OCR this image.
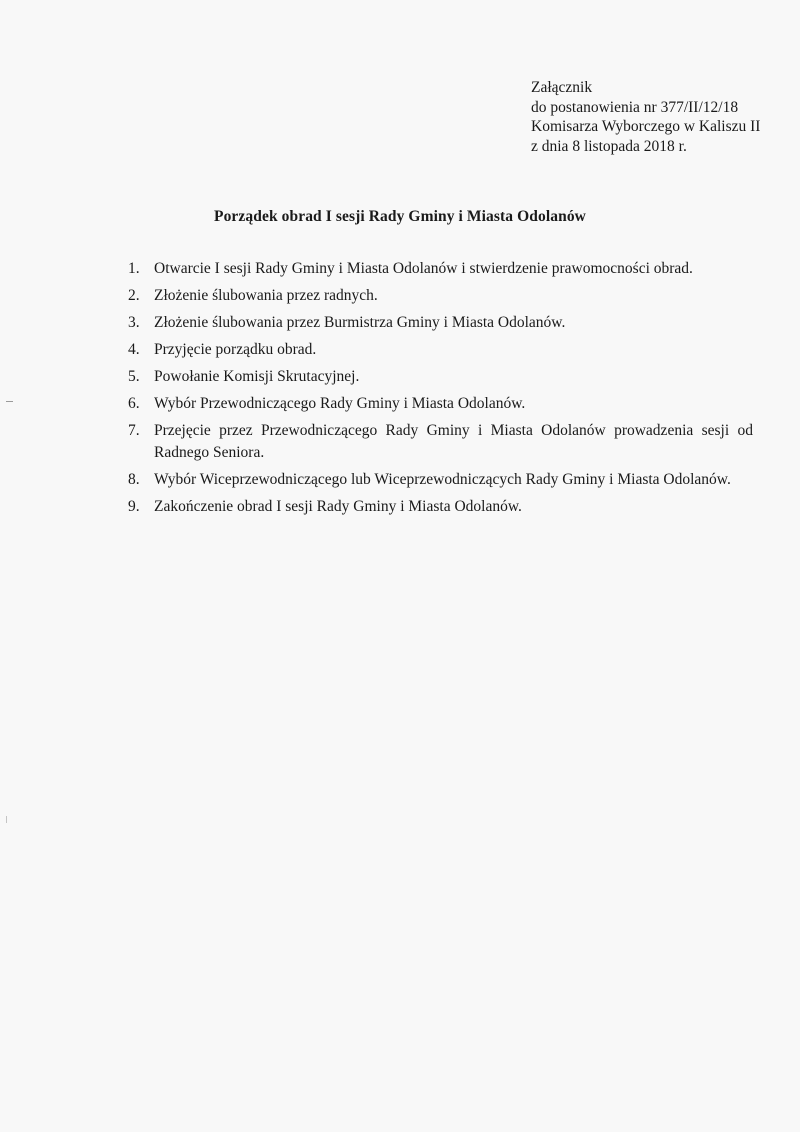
Załącznik
do postanowienia nr 377/II/12/18
Komisarza Wyborczego w Kaliszu II
z dnia 8 listopada 2018 r.
Porządek obrad I sesji Rady Gminy i Miasta Odolanów
1. Otwarcie I sesji Rady Gminy i Miasta Odolanów i stwierdzenie prawomocności obrad.
2. Złożenie ślubowania przez radnych.
3. Złożenie ślubowania przez Burmistrza Gminy i Miasta Odolanów.
4. Przyjęcie porządku obrad.
5. Powołanie Komisji Skrutacyjnej.
6. Wybór Przewodniczącego Rady Gminy i Miasta Odolanów.
7. Przejęcie przez Przewodniczącego Rady Gminy i Miasta Odolanów prowadzenia sesji od Radnego Seniora.
8. Wybór Wiceprzewodniczącego lub Wiceprzewodniczących Rady Gminy i Miasta Odolanów.
9. Zakończenie obrad I sesji Rady Gminy i Miasta Odolanów.
